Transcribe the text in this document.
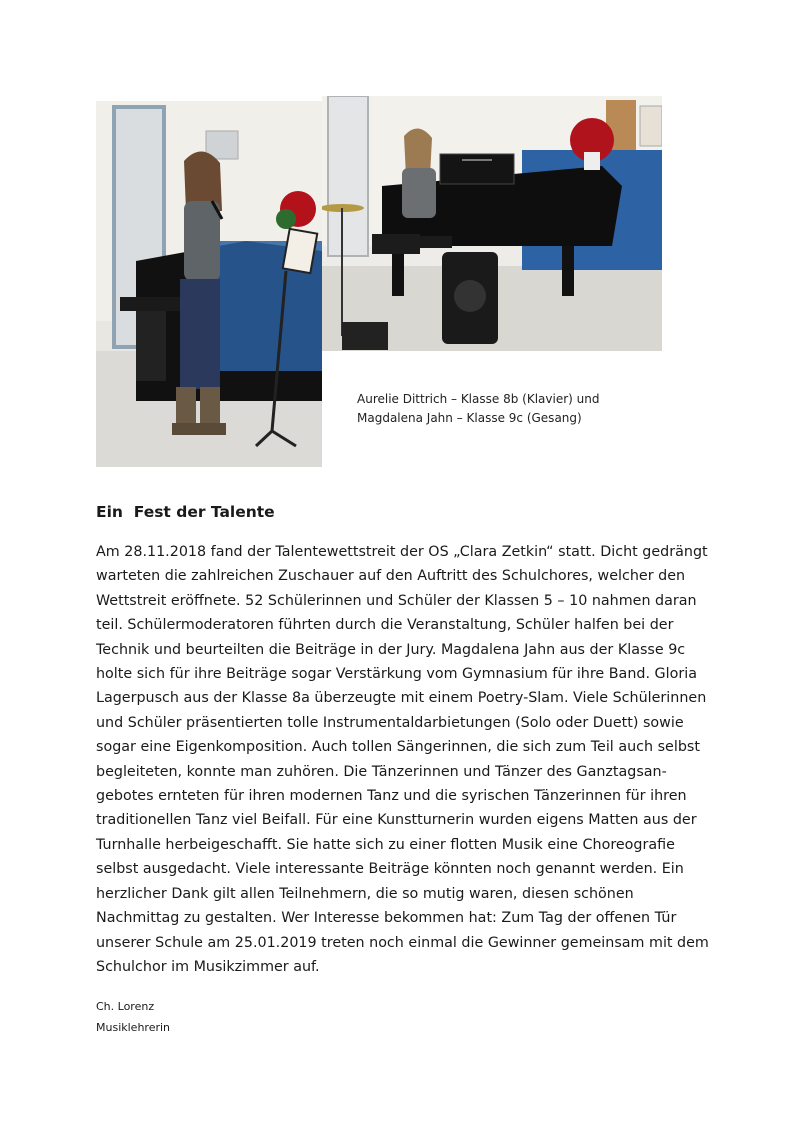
Aurelie Dittrich – Klasse 8b (Klavier) und
Magdalena Jahn – Klasse 9c (Gesang)
Ein  Fest der Talente
Am 28.11.2018 fand der Talentewettstreit der OS „Clara Zetkin“ statt. Dicht gedrängt
warteten die zahlreichen Zuschauer auf den Auftritt des Schulchores, welcher den
Wettstreit eröffnete. 52 Schülerinnen und Schüler der Klassen 5 – 10 nahmen daran
teil. Schülermoderatoren führten durch die Veranstaltung, Schüler halfen bei der
Technik und beurteilten die Beiträge in der Jury. Magdalena Jahn aus der Klasse 9c
holte sich für ihre Beiträge sogar Verstärkung vom Gymnasium für ihre Band. Gloria
Lagerpusch aus der Klasse 8a überzeugte mit einem Poetry-Slam. Viele Schülerinnen
und Schüler präsentierten tolle Instrumentaldarbietungen (Solo oder Duett) sowie
sogar eine Eigenkomposition. Auch tollen Sängerinnen, die sich zum Teil auch selbst
begleiteten, konnte man zuhören. Die Tänzerinnen und Tänzer des Ganztagsan-
gebotes ernteten für ihren modernen Tanz und die syrischen Tänzerinnen für ihren
traditionellen Tanz viel Beifall. Für eine Kunstturnerin wurden eigens Matten aus der
Turnhalle herbeigeschafft. Sie hatte sich zu einer flotten Musik eine Choreografie
selbst ausgedacht. Viele interessante Beiträge könnten noch genannt werden. Ein
herzlicher Dank gilt allen Teilnehmern, die so mutig waren, diesen schönen
Nachmittag zu gestalten. Wer Interesse bekommen hat: Zum Tag der offenen Tür
unserer Schule am 25.01.2019 treten noch einmal die Gewinner gemeinsam mit dem
Schulchor im Musikzimmer auf.
Ch. Lorenz
Musiklehrerin
